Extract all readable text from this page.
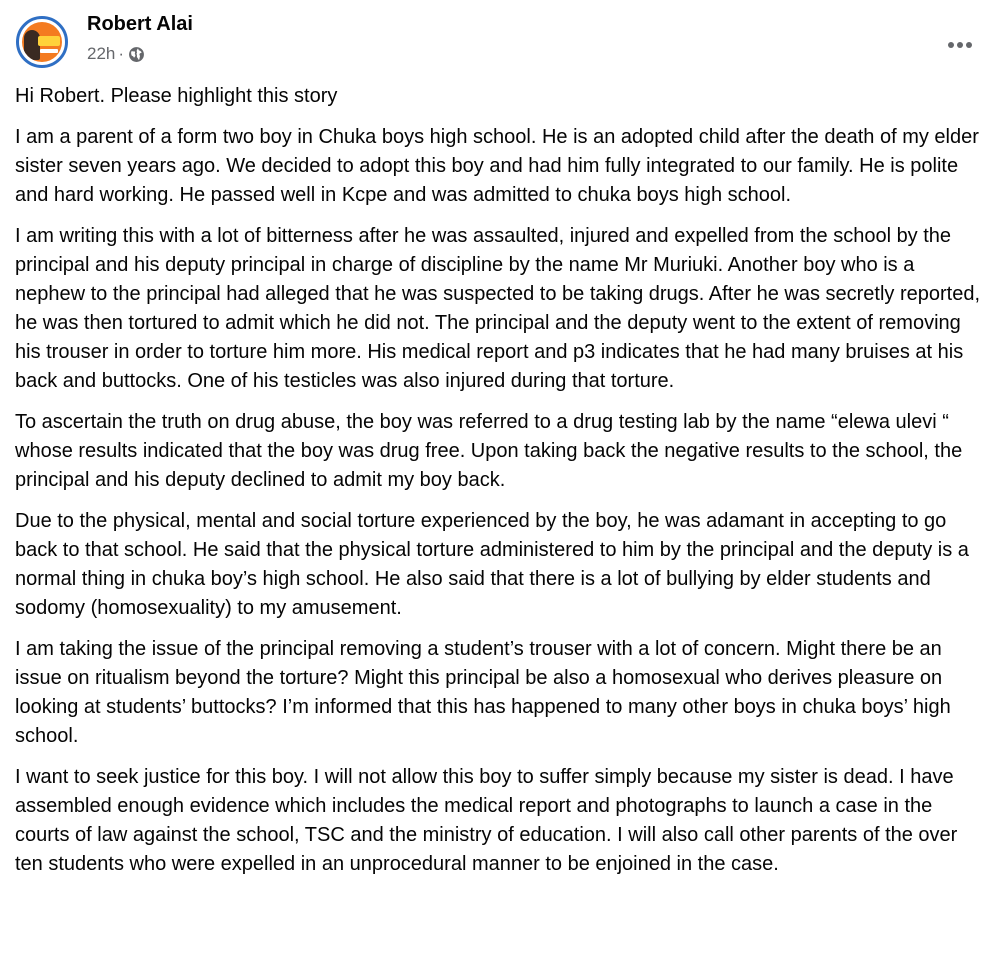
Robert Alai
22h ·

Hi Robert. Please highlight this story

I am a parent of a form two boy in Chuka boys high school. He is an adopted child after the death of my elder sister seven years ago. We decided to adopt this boy and had him fully integrated to our family. He is polite and hard working. He passed well in Kcpe and was admitted to chuka boys high school.

I am writing this with a lot of bitterness after he was assaulted, injured and expelled from the school by the principal and his deputy principal in charge of discipline by the name Mr Muriuki. Another boy who is a nephew to the principal had alleged that he was suspected to be taking drugs. After he was secretly reported, he was then tortured to admit which he did not. The principal and the deputy went to the extent of removing his trouser in order to torture him more. His medical report and p3 indicates that he had many bruises at his back and buttocks. One of his testicles was also injured during that torture.

To ascertain the truth on drug abuse, the boy was referred to a drug testing lab by the name “elewa ulevi “ whose results indicated that the boy was drug free. Upon taking back the negative results to the school, the principal and his deputy declined to admit my boy back.

Due to the physical, mental and social torture experienced by the boy, he was adamant in accepting to go back to that school. He said that the physical torture administered to him by the principal and the deputy is a normal thing in chuka boy’s high school. He also said that there is a lot of bullying by elder students and sodomy (homosexuality) to my amusement.

I am taking the issue of the principal removing a student’s trouser with a lot of concern. Might there be an issue on ritualism beyond the torture? Might this principal be also a homosexual who derives pleasure on looking at students’ buttocks? I’m informed that this has happened to many other boys in chuka boys’ high school.

I want to seek justice for this boy. I will not allow this boy to suffer simply because my sister is dead. I have assembled enough evidence which includes the medical report and photographs to launch a case in the courts of law against the school, TSC and the ministry of education. I will also call other parents of the over ten students who were expelled in an unprocedural manner to be enjoined in the case.
